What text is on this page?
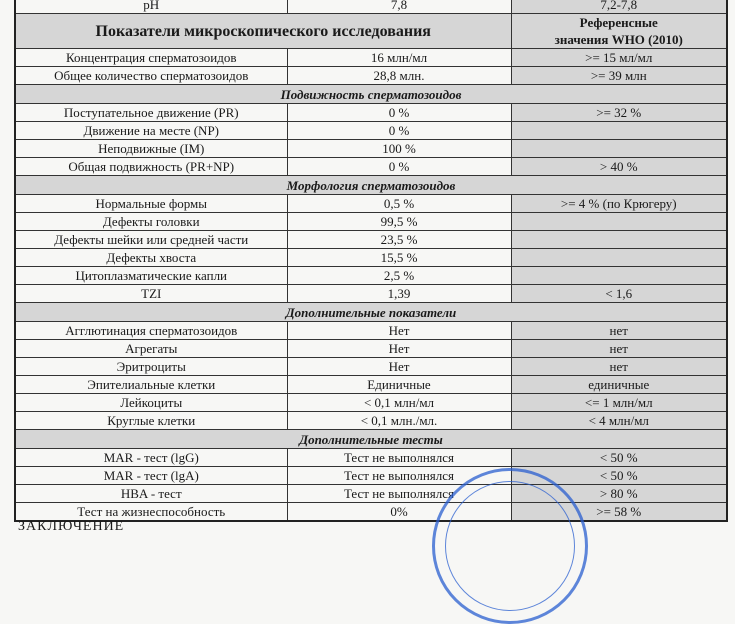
pH	7,8	7,2-7,8
Показатели микроскопического исследования		Референсные
значения WHO (2010)
Концентрация сперматозоидов	16 млн/мл	>= 15 мл/мл
Общее количество сперматозоидов	28,8 млн.	>= 39 млн
Подвижность сперматозоидов		
Поступательное движение (PR)	0 %	>= 32 %
Движение на месте (NP)	0 %	
Неподвижные (IM)	100 %	
Общая подвижность (PR+NP)	0 %	> 40 %
Морфология сперматозоидов		
Нормальные формы	0,5 %	>= 4 % (по Крюгеру)
Дефекты головки	99,5 %	
Дефекты шейки или средней части	23,5 %	
Дефекты хвоста	15,5 %	
Цитоплазматические капли	2,5 %	
TZI	1,39	< 1,6
Дополнительные показатели		
Агглютинация сперматозоидов	Нет	нет
Агрегаты	Нет	нет
Эритроциты	Нет	нет
Эпителиальные клетки	Единичные	единичные
Лейкоциты	< 0,1 млн/мл	<= 1 млн/мл
Круглые клетки	< 0,1 млн./мл.	< 4 млн/мл
Дополнительные тесты		
MAR - тест (lgG)	Тест не выполнялся	< 50 %
MAR - тест (lgA)	Тест не выполнялся	< 50 %
HBA - тест	Тест не выполнялся	> 80 %
Тест на жизнеспособность	0%	>= 58 %
ЗАКЛЮЧЕНИЕ
